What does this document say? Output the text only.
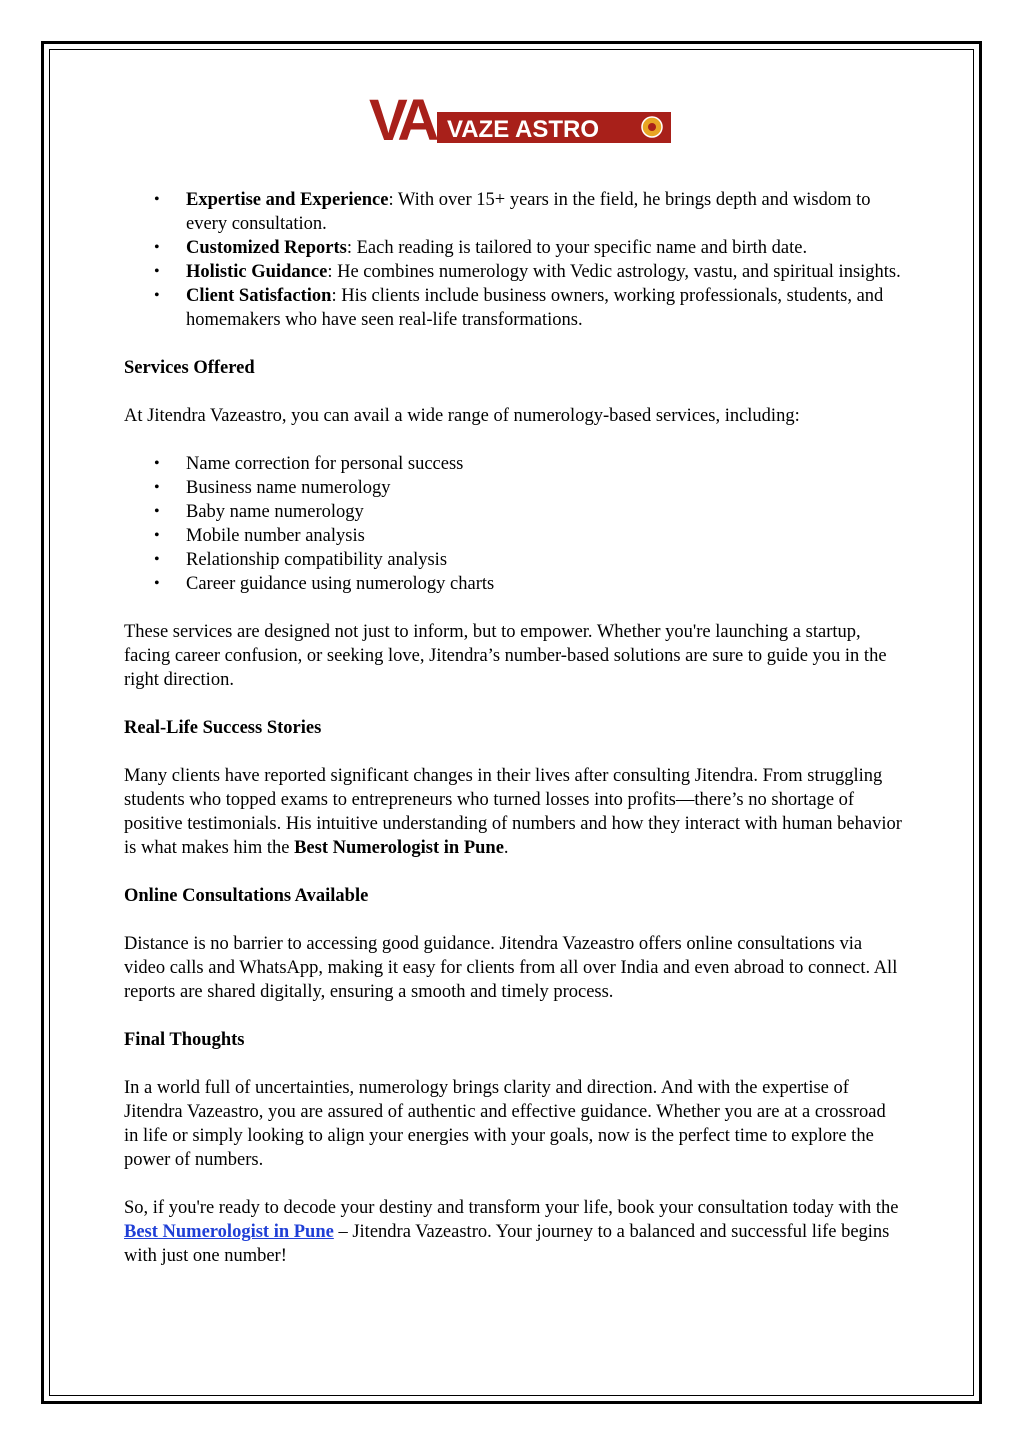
VA VAZE ASTRO
• Expertise and Experience: With over 15+ years in the field, he brings depth and wisdom to every consultation.
• Customized Reports: Each reading is tailored to your specific name and birth date.
• Holistic Guidance: He combines numerology with Vedic astrology, vastu, and spiritual insights.
• Client Satisfaction: His clients include business owners, working professionals, students, and homemakers who have seen real-life transformations.
Services Offered

At Jitendra Vazeastro, you can avail a wide range of numerology-based services, including:

• Name correction for personal success
• Business name numerology
• Baby name numerology
• Mobile number analysis
• Relationship compatibility analysis
• Career guidance using numerology charts

These services are designed not just to inform, but to empower. Whether you're launching a startup, facing career confusion, or seeking love, Jitendra’s number-based solutions are sure to guide you in the right direction.

Real-Life Success Stories

Many clients have reported significant changes in their lives after consulting Jitendra. From struggling students who topped exams to entrepreneurs who turned losses into profits—there’s no shortage of positive testimonials. His intuitive understanding of numbers and how they interact with human behavior is what makes him the Best Numerologist in Pune.

Online Consultations Available

Distance is no barrier to accessing good guidance. Jitendra Vazeastro offers online consultations via video calls and WhatsApp, making it easy for clients from all over India and even abroad to connect. All reports are shared digitally, ensuring a smooth and timely process.

Final Thoughts

In a world full of uncertainties, numerology brings clarity and direction. And with the expertise of Jitendra Vazeastro, you are assured of authentic and effective guidance. Whether you are at a crossroad in life or simply looking to align your energies with your goals, now is the perfect time to explore the power of numbers.

So, if you're ready to decode your destiny and transform your life, book your consultation today with the Best Numerologist in Pune – Jitendra Vazeastro. Your journey to a balanced and successful life begins with just one number!
